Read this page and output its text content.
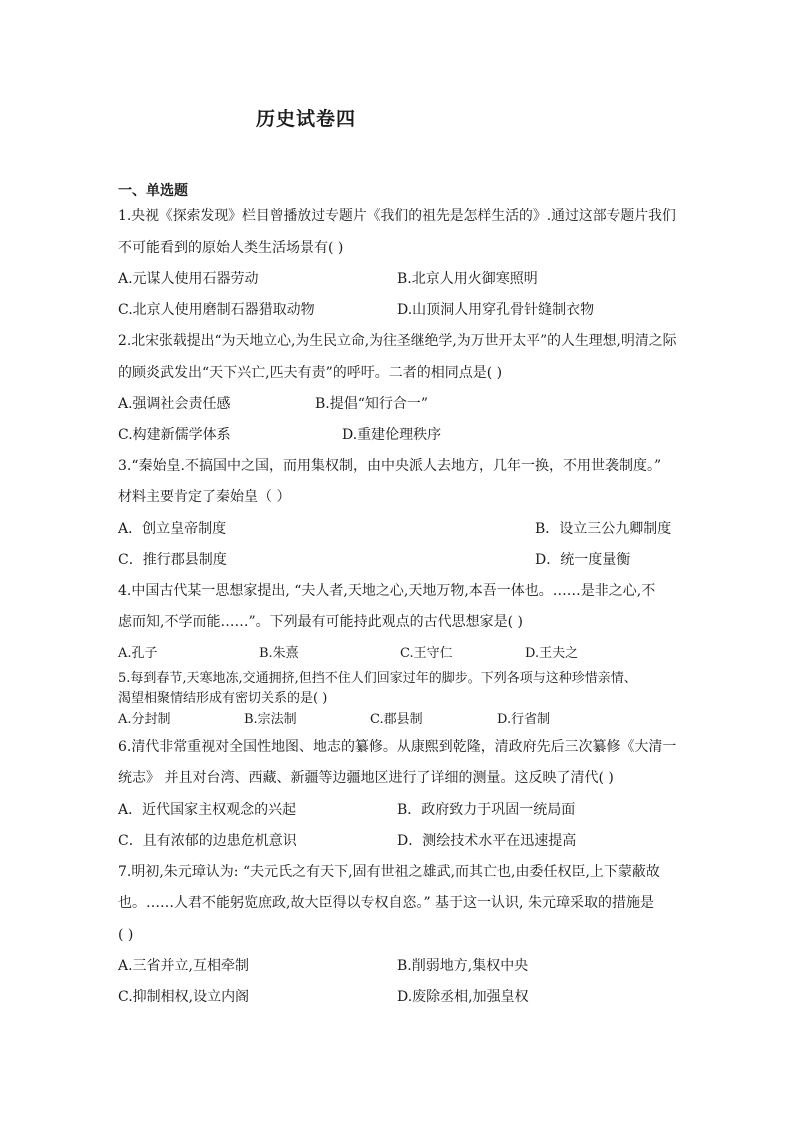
历史试卷四
一、单选题
1.央视《探索发现》栏目曾播放过专题片《我们的祖先是怎样生活的》.通过这部专题片我们
不可能看到的原始人类生活场景有( )
A.元谋人使用石器劳动	B.北京人用火御寒照明
C.北京人使用磨制石器猎取动物	D.山顶洞人用穿孔骨针缝制衣物
2.北宋张载提出“为天地立心,为生民立命,为往圣继绝学,为万世开太平”的人生理想,明清之际
的顾炎武发出“天下兴亡,匹夫有责”的呼吁。二者的相同点是( )
A.强调社会责任感	B.提倡“知行合一”
C.构建新儒学体系	D.重建伦理秩序
3.“秦始皇.不搞国中之国，而用集权制，由中央派人去地方，几年一换，不用世袭制度。”
材料主要肯定了秦始皇（ ）
A．创立皇帝制度	B．设立三公九卿制度
C．推行郡县制度	D．统一度量衡
4.中国古代某一思想家提出, “夫人者,天地之心,天地万物,本吾一体也。……是非之心,不
虑而知,不学而能……”。下列最有可能持此观点的古代思想家是( )
A.孔子	B.朱熹	C.王守仁	D.王夫之
5.每到春节,天寒地冻,交通拥挤,但挡不住人们回家过年的脚步。下列各项与这种珍惜亲情、
渴望相聚情结形成有密切关系的是( )
A.分封制	B.宗法制	C.郡县制	D.行省制
6.清代非常重视对全国性地图、地志的纂修。从康熙到乾隆，清政府先后三次纂修《大清一
统志》 并且对台湾、西藏、新疆等边疆地区进行了详细的测量。这反映了清代( )
A．近代国家主权观念的兴起	B．政府致力于巩固一统局面
C．且有浓郁的边患危机意识	D．测绘技术水平在迅速提高
7.明初,朱元璋认为: “夫元氏之有天下,固有世祖之雄武,而其亡也,由委任权臣,上下蒙蔽故
也。……人君不能躬览庶政,故大臣得以专权自恣。” 基于这一认识, 朱元璋采取的措施是
( )
A.三省并立,互相牵制	B.削弱地方,集权中央
C.抑制相权,设立内阁	D.废除丞相,加强皇权
